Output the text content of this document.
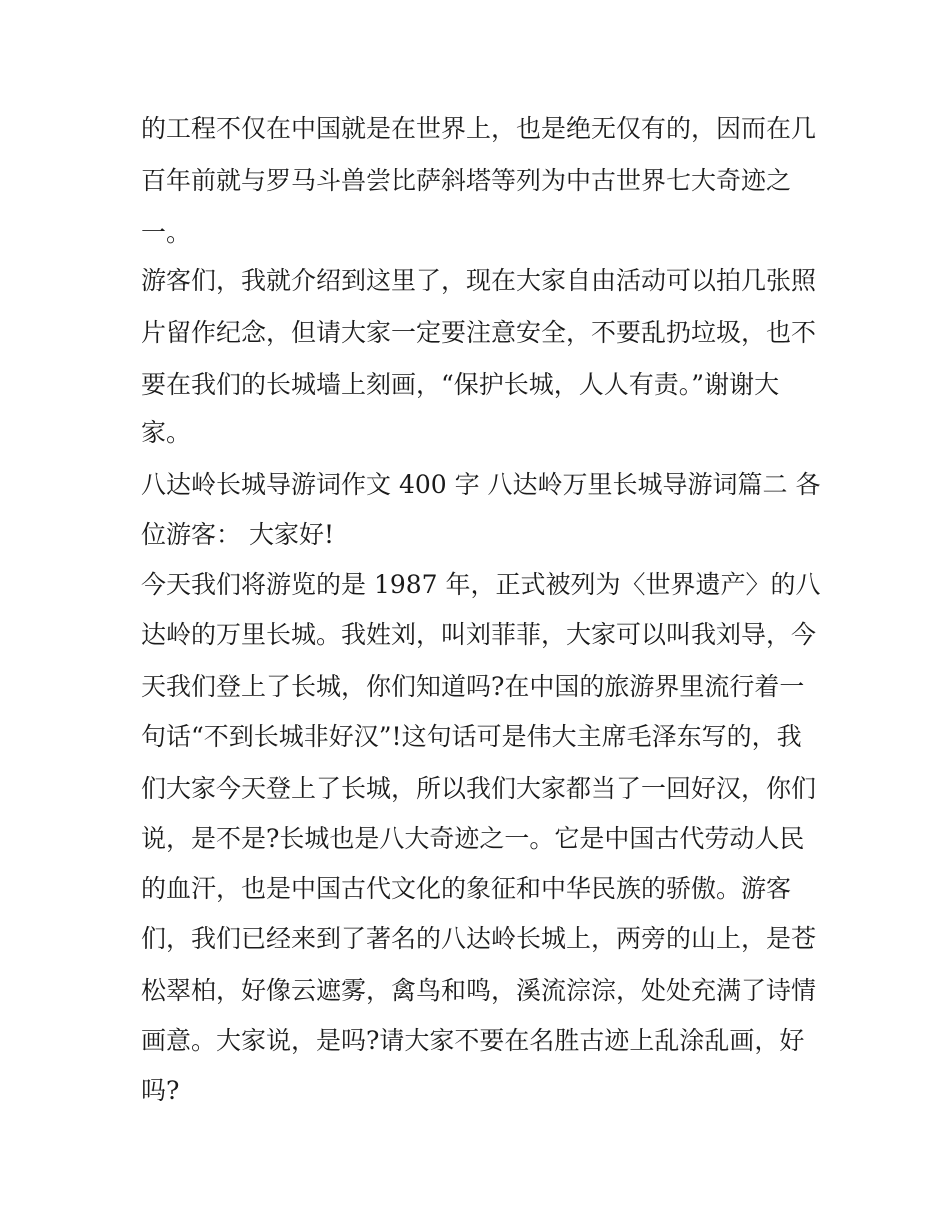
的工程不仅在中国就是在世界上，也是绝无仅有的，因而在几

百年前就与罗马斗兽尝比萨斜塔等列为中古世界七大奇迹之

一。

游客们，我就介绍到这里了，现在大家自由活动可以拍几张照

片留作纪念，但请大家一定要注意安全，不要乱扔垃圾，也不

要在我们的长城墙上刻画，“保护长城，人人有责。”谢谢大

家。

八达岭长城导游词作文 400 字 八达岭万里长城导游词篇二 各

位游客： 大家好!

今天我们将游览的是 1987 年，正式被列为〈世界遗产〉的八

达岭的万里长城。我姓刘，叫刘菲菲，大家可以叫我刘导，今

天我们登上了长城，你们知道吗?在中国的旅游界里流行着一

句话“不到长城非好汉”!这句话可是伟大主席毛泽东写的，我

们大家今天登上了长城，所以我们大家都当了一回好汉，你们

说，是不是?长城也是八大奇迹之一。它是中国古代劳动人民

的血汗，也是中国古代文化的象征和中华民族的骄傲。游客

们，我们已经来到了著名的八达岭长城上，两旁的山上，是苍

松翠柏，好像云遮雾，禽鸟和鸣，溪流淙淙，处处充满了诗情

画意。大家说，是吗?请大家不要在名胜古迹上乱涂乱画，好

吗?
